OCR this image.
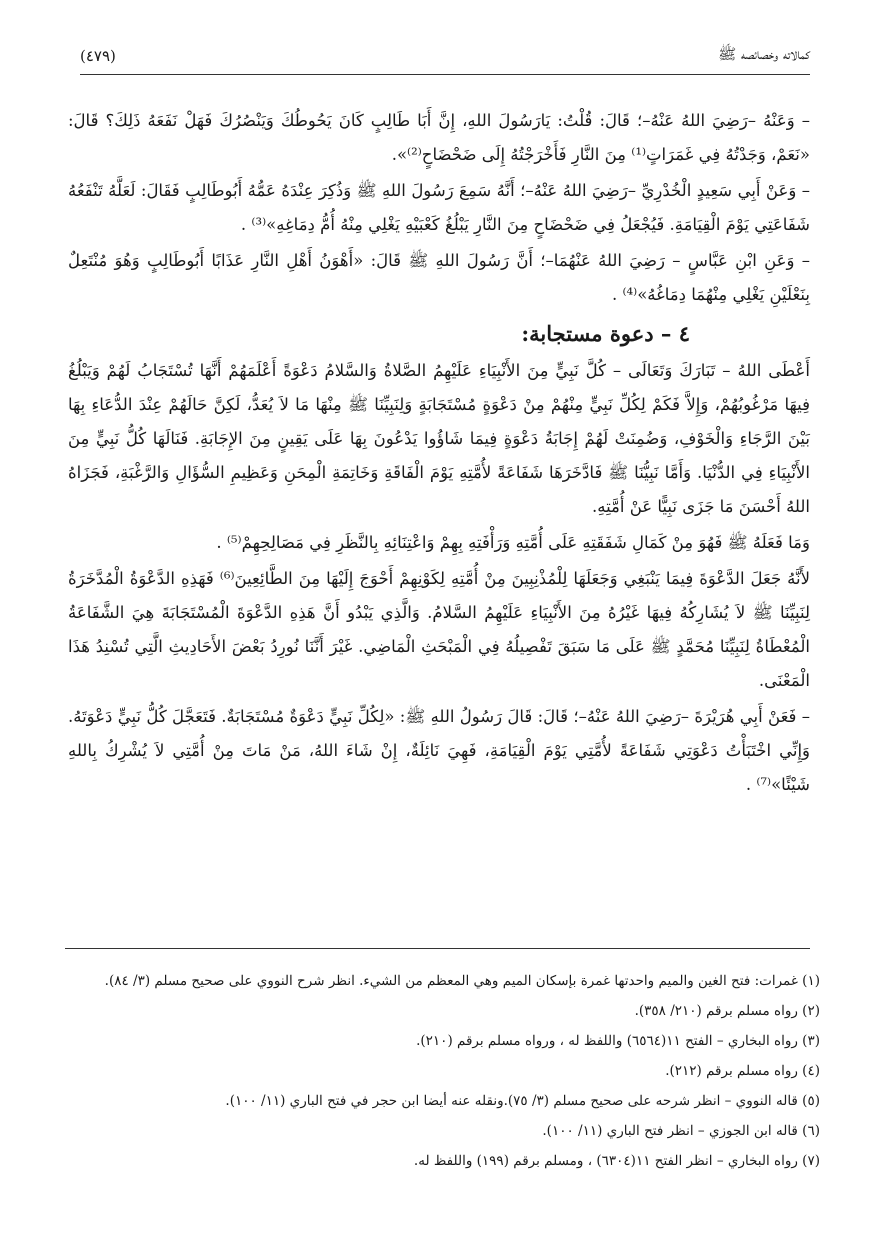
كمالاته وخصائصه ﷺ
(٤٧٩)

– وَعَنْهُ –رَضِيَ اللهُ عَنْهُ–؛ قَالَ: قُلْتُ: يَارَسُولَ اللهِ، إِنَّ أَبَا طَالِبٍ كَانَ يَحُوطُكَ وَيَنْصُرُكَ فَهَلْ نَفَعَهُ ذَلِكَ؟ قَالَ: «نَعَمْ، وَجَدْتُهُ فِي غَمَرَاتٍ⁽¹⁾ مِنَ النَّارِ فَأَخْرَجْتُهُ إِلَى ضَحْضَاحٍ⁽²⁾».

– وَعَنْ أَبِي سَعِيدٍ الْخُدْرِيِّ –رَضِيَ اللهُ عَنْهُ–؛ أَنَّهُ سَمِعَ رَسُولَ اللهِ ﷺ وَذُكِرَ عِنْدَهُ عَمُّهُ أَبُوطَالِبٍ فَقَالَ: لَعَلَّهُ تَنْفَعُهُ شَفَاعَتِي يَوْمَ الْقِيَامَةِ. فَيُجْعَلُ فِي ضَحْضَاحٍ مِنَ النَّارِ يَبْلُغُ كَعْبَيْهِ يَغْلِي مِنْهُ أُمُّ دِمَاغِهِ»⁽³⁾ .

– وَعَنِ ابْنِ عَبَّاسٍ – رَضِيَ اللهُ عَنْهُمَا–؛ أَنَّ رَسُولَ اللهِ ﷺ قَالَ: «أَهْوَنُ أَهْلِ النَّارِ عَذَابًا أَبُوطَالِبٍ وَهُوَ مُنْتَعِلٌ بِنَعْلَيْنِ يَغْلِي مِنْهُمَا دِمَاغُهُ»⁽⁴⁾ .

٤ – دعوة مستجابة:

أَعْطَى اللهُ – تَبَارَكَ وَتَعَالَى – كُلَّ نَبِيٍّ مِنَ الأَنْبِيَاءِ عَلَيْهِمُ الصَّلاةُ وَالسَّلامُ دَعْوَةً أَعْلَمَهُمْ أَنَّهَا تُسْتَجَابُ لَهُمْ وَيَبْلُغُ فِيهَا مَرْغُوبُهُمْ، وَإِلاَّ فَكَمْ لِكُلِّ نَبِيٍّ مِنْهُمْ مِنْ دَعْوَةٍ مُسْتَجَابَةٍ وَلِنَبِيِّنَا ﷺ مِنْهَا مَا لاَ يُعَدُّ، لَكِنَّ حَالَهُمْ عِنْدَ الدُّعَاءِ بِهَا بَيْنَ الرَّجَاءِ وَالْخَوْفِ، وَضُمِنَتْ لَهُمْ إِجَابَةُ دَعْوَةٍ فِيمَا شَاؤُوا يَدْعُونَ بِهَا عَلَى يَقِينٍ مِنَ الإِجَابَةِ. فَنَالَهَا كُلُّ نَبِيٍّ مِنَ الأَنْبِيَاءِ فِي الدُّنْيَا. وَأَمَّا نَبِيُّنَا ﷺ فَادَّخَرَهَا شَفَاعَةً لأُمَّتِهِ يَوْمَ الْفَاقَةِ وَخَاتِمَةِ الْمِحَنِ وَعَظِيمِ السُّؤَالِ وَالرَّغْبَةِ، فَجَزَاهُ اللهُ أَحْسَنَ مَا جَزَى نَبِيًّا عَنْ أُمَّتِهِ.

وَمَا فَعَلَهُ ﷺ فَهُوَ مِنْ كَمَالِ شَفَقَتِهِ عَلَى أُمَّتِهِ وَرَأْفَتِهِ بِهِمْ وَاعْتِنَائِهِ بِالنَّظَرِ فِي مَصَالِحِهِمْ⁽⁵⁾ .

لأَنَّهُ جَعَلَ الدَّعْوَةَ فِيمَا يَنْبَغِي وَجَعَلَهَا لِلْمُذْنِبِينَ مِنْ أُمَّتِهِ لِكَوْنِهِمْ أَحْوَجَ إِلَيْهَا مِنَ الطَّائِعِينَ⁽⁶⁾ فَهَذِهِ الدَّعْوَةُ الْمُدَّخَرَةُ لِنَبِيِّنَا ﷺ لاَ يُشَارِكُهُ فِيهَا غَيْرُهُ مِنَ الأَنْبِيَاءِ عَلَيْهِمُ السَّلامُ. وَالَّذِي يَبْدُو أَنَّ هَذِهِ الدَّعْوَةَ الْمُسْتَجَابَةَ هِيَ الشَّفَاعَةُ الْمُعْطَاةُ لِنَبِيِّنَا مُحَمَّدٍ ﷺ عَلَى مَا سَبَقَ تَفْصِيلُهُ فِي الْمَبْحَثِ الْمَاضِي. غَيْرَ أَنَّنَا نُورِدُ بَعْضَ الأَحَادِيثِ الَّتِي تُسْنِدُ هَذَا الْمَعْنَى.

– فَعَنْ أَبِي هُرَيْرَةَ –رَضِيَ اللهُ عَنْهُ–؛ قَالَ: قَالَ رَسُولُ اللهِ ﷺ: «لِكُلِّ نَبِيٍّ دَعْوَةٌ مُسْتَجَابَةٌ. فَتَعَجَّلَ كُلُّ نَبِيٍّ دَعْوَتَهُ. وَإِنِّي اخْتَبَأْتُ دَعْوَتِي شَفَاعَةً لأُمَّتِي يَوْمَ الْقِيَامَةِ، فَهِيَ نَائِلَةٌ، إِنْ شَاءَ اللهُ، مَنْ مَاتَ مِنْ أُمَّتِي لاَ يُشْرِكُ بِاللهِ شَيْئًا»⁽⁷⁾ .

(١) غمرات: فتح الغين والميم واحدتها غمرة بإسكان الميم وهي المعظم من الشيء. انظر شرح النووي على صحيح مسلم (٣/ ٨٤).

(٢) رواه مسلم برقم (٢١٠/ ٣٥٨).

(٣) رواه البخاري – الفتح ١١(٦٥٦٤) واللفظ له ، ورواه مسلم برقم (٢١٠).

(٤) رواه مسلم برقم (٢١٢).

(٥) قاله النووي – انظر شرحه على صحيح مسلم (٣/ ٧٥).ونقله عنه أيضا ابن حجر في فتح الباري (١١/ ١٠٠).

(٦) قاله ابن الجوزي – انظر فتح الباري (١١/ ١٠٠).

(٧) رواه البخاري – انظر الفتح ١١(٦٣٠٤) ، ومسلم برقم (١٩٩) واللفظ له.
